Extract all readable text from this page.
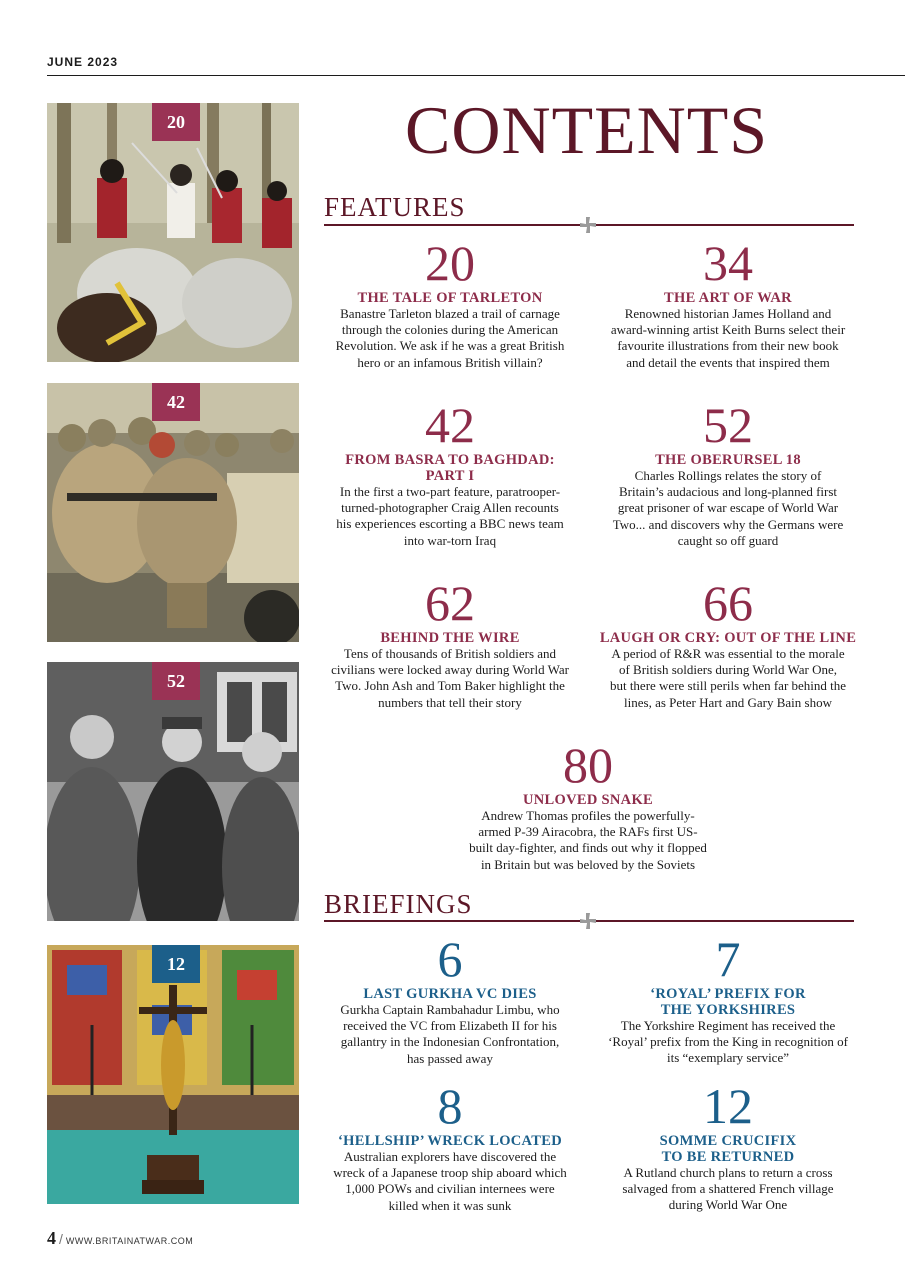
JUNE 2023
20
42
52
12
CONTENTS
FEATURES
20
THE TALE OF TARLETON
Banastre Tarleton blazed a trail of carnage
through the colonies during the American
Revolution. We ask if he was a great British
hero or an infamous British villain?
34
THE ART OF WAR
Renowned historian James Holland and
award-winning artist Keith Burns select their
favourite illustrations from their new book
and detail the events that inspired them
42
FROM BASRA TO BAGHDAD:
PART I
In the first a two-part feature, paratrooper-
turned-photographer Craig Allen recounts
his experiences escorting a BBC news team
into war-torn Iraq
52
THE OBERURSEL 18
Charles Rollings relates the story of
Britain’s audacious and long-planned first
great prisoner of war escape of World War
Two... and discovers why the Germans were
caught so off guard
62
BEHIND THE WIRE
Tens of thousands of British soldiers and
civilians were locked away during World War
Two. John Ash and Tom Baker highlight the
numbers that tell their story
66
LAUGH OR CRY: OUT OF THE LINE
A period of R&R was essential to the morale
of British soldiers during World War One,
but there were still perils when far behind the
lines, as Peter Hart and Gary Bain show
80
UNLOVED SNAKE
Andrew Thomas profiles the powerfully-
armed P-39 Airacobra, the RAFs first US-
built day-fighter, and finds out why it flopped
in Britain but was beloved by the Soviets
BRIEFINGS
6
LAST GURKHA VC DIES
Gurkha Captain Rambahadur Limbu, who
received the VC from Elizabeth II for his
gallantry in the Indonesian Confrontation,
has passed away
7
‘ROYAL’ PREFIX FOR
THE YORKSHIRES
The Yorkshire Regiment has received the
‘Royal’ prefix from the King in recognition of
its “exemplary service”
8
‘HELLSHIP’ WRECK LOCATED
Australian explorers have discovered the
wreck of a Japanese troop ship aboard which
1,000 POWs and civilian internees were
killed when it was sunk
12
SOMME CRUCIFIX
TO BE RETURNED
A Rutland church plans to return a cross
salvaged from a shattered French village
during World War One
4 / WWW.BRITAINATWAR.COM
